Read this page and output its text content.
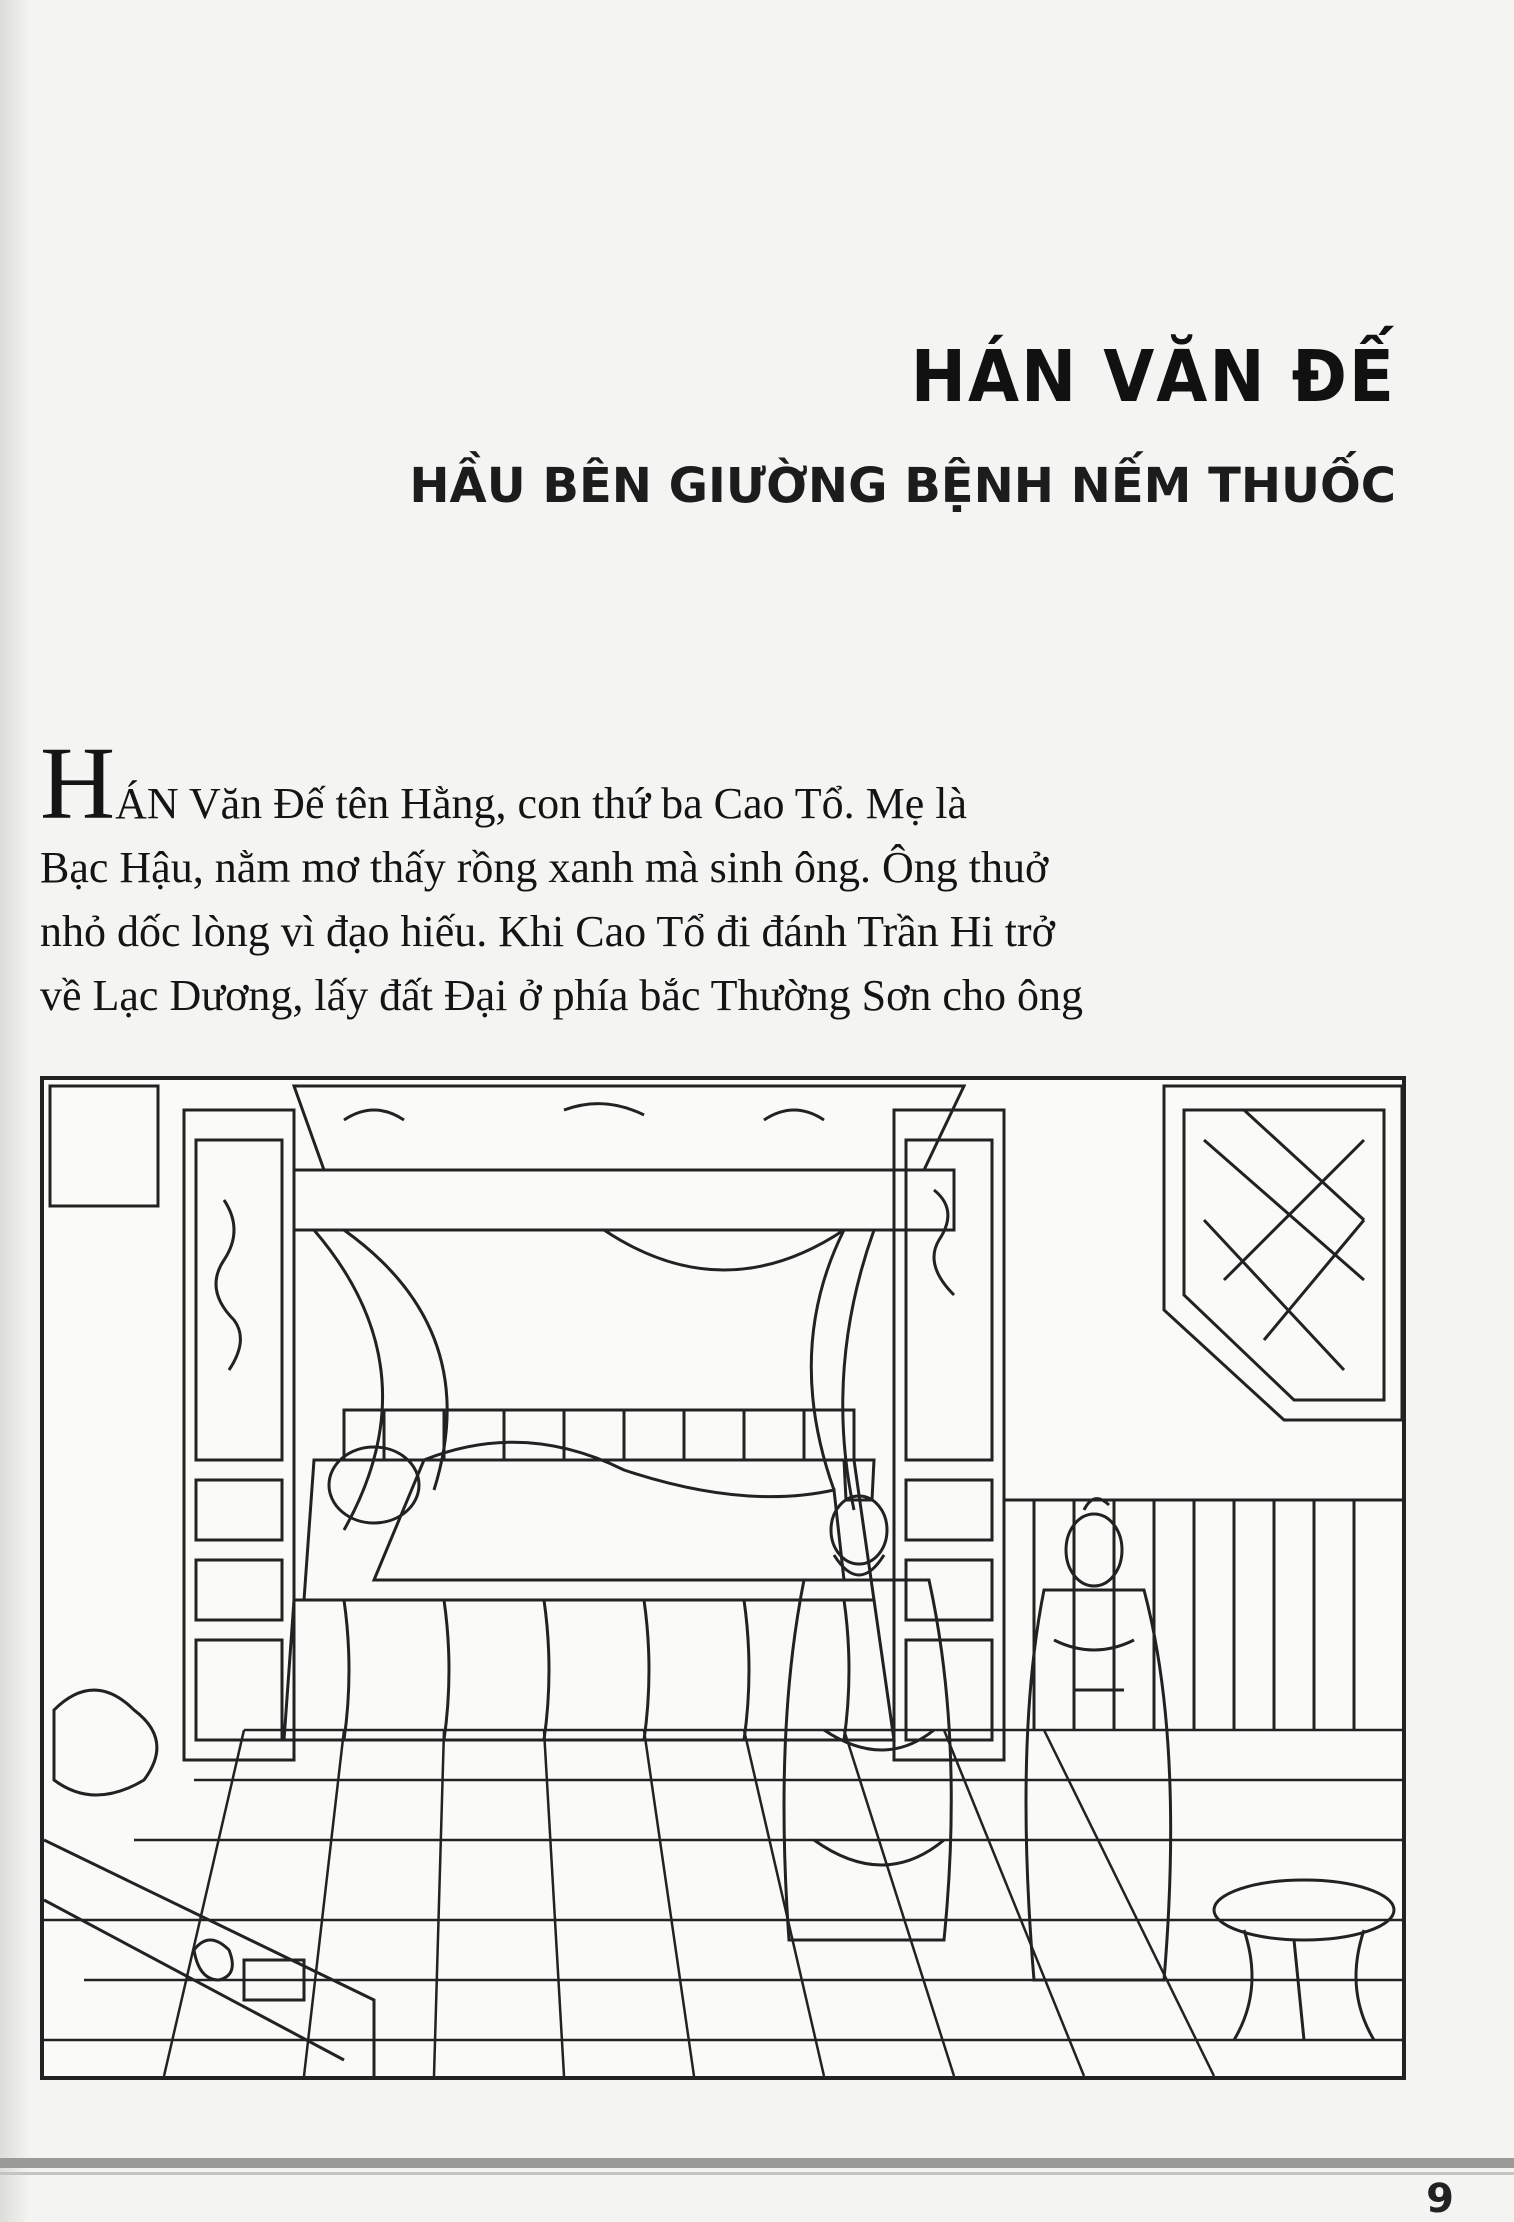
HÁN VĂN ĐẾ
HẦU BÊN GIƯỜNG BỆNH NẾM THUỐC
HÁN Văn Đế tên Hằng, con thứ ba Cao Tổ. Mẹ là
Bạc Hậu, nằm mơ thấy rồng xanh mà sinh ông. Ông thuở
nhỏ dốc lòng vì đạo hiếu. Khi Cao Tổ đi đánh Trần Hi trở
về Lạc Dương, lấy đất Đại ở phía bắc Thường Sơn cho ông
9
